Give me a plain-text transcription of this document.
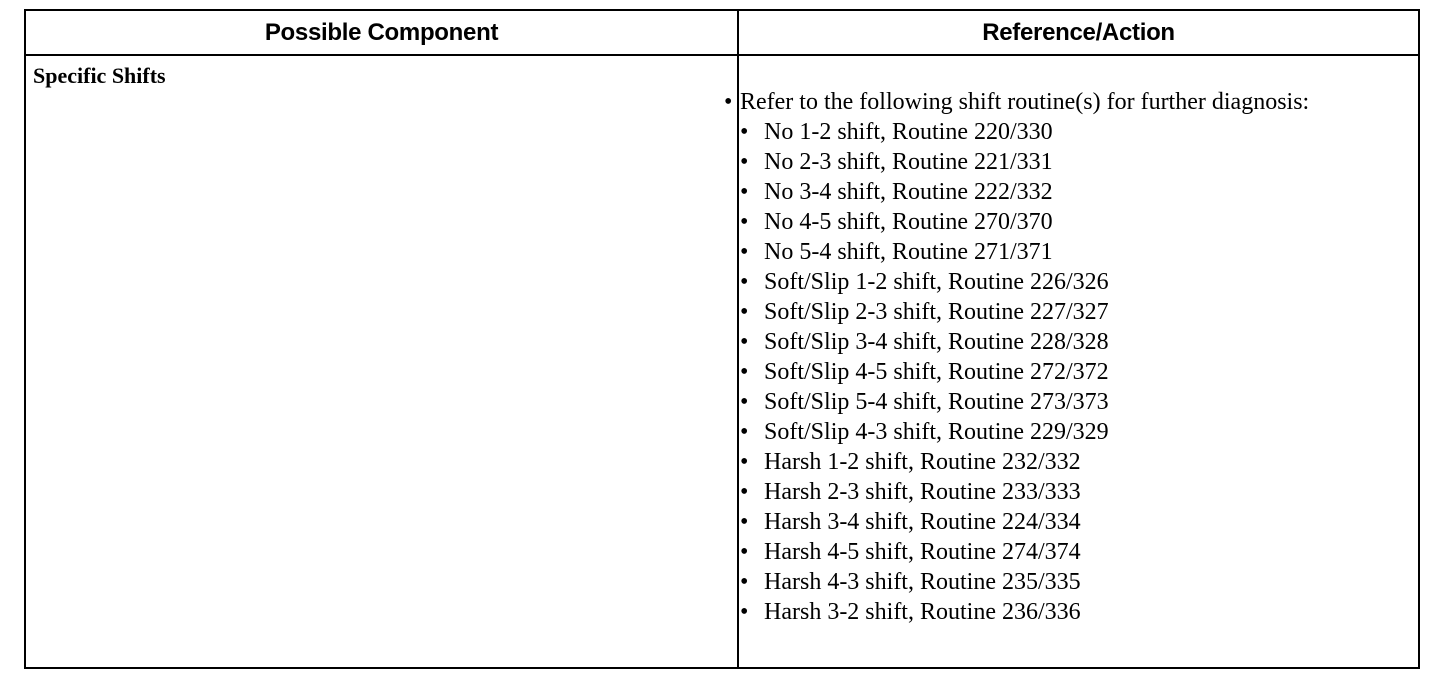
Possible Component	Reference/Action
Specific Shifts
• Refer to the following shift routine(s) for further diagnosis:
• No 1-2 shift, Routine 220/330
• No 2-3 shift, Routine 221/331
• No 3-4 shift, Routine 222/332
• No 4-5 shift, Routine 270/370
• No 5-4 shift, Routine 271/371
• Soft/Slip 1-2 shift, Routine 226/326
• Soft/Slip 2-3 shift, Routine 227/327
• Soft/Slip 3-4 shift, Routine 228/328
• Soft/Slip 4-5 shift, Routine 272/372
• Soft/Slip 5-4 shift, Routine 273/373
• Soft/Slip 4-3 shift, Routine 229/329
• Harsh 1-2 shift, Routine 232/332
• Harsh 2-3 shift, Routine 233/333
• Harsh 3-4 shift, Routine 224/334
• Harsh 4-5 shift, Routine 274/374
• Harsh 4-3 shift, Routine 235/335
• Harsh 3-2 shift, Routine 236/336
